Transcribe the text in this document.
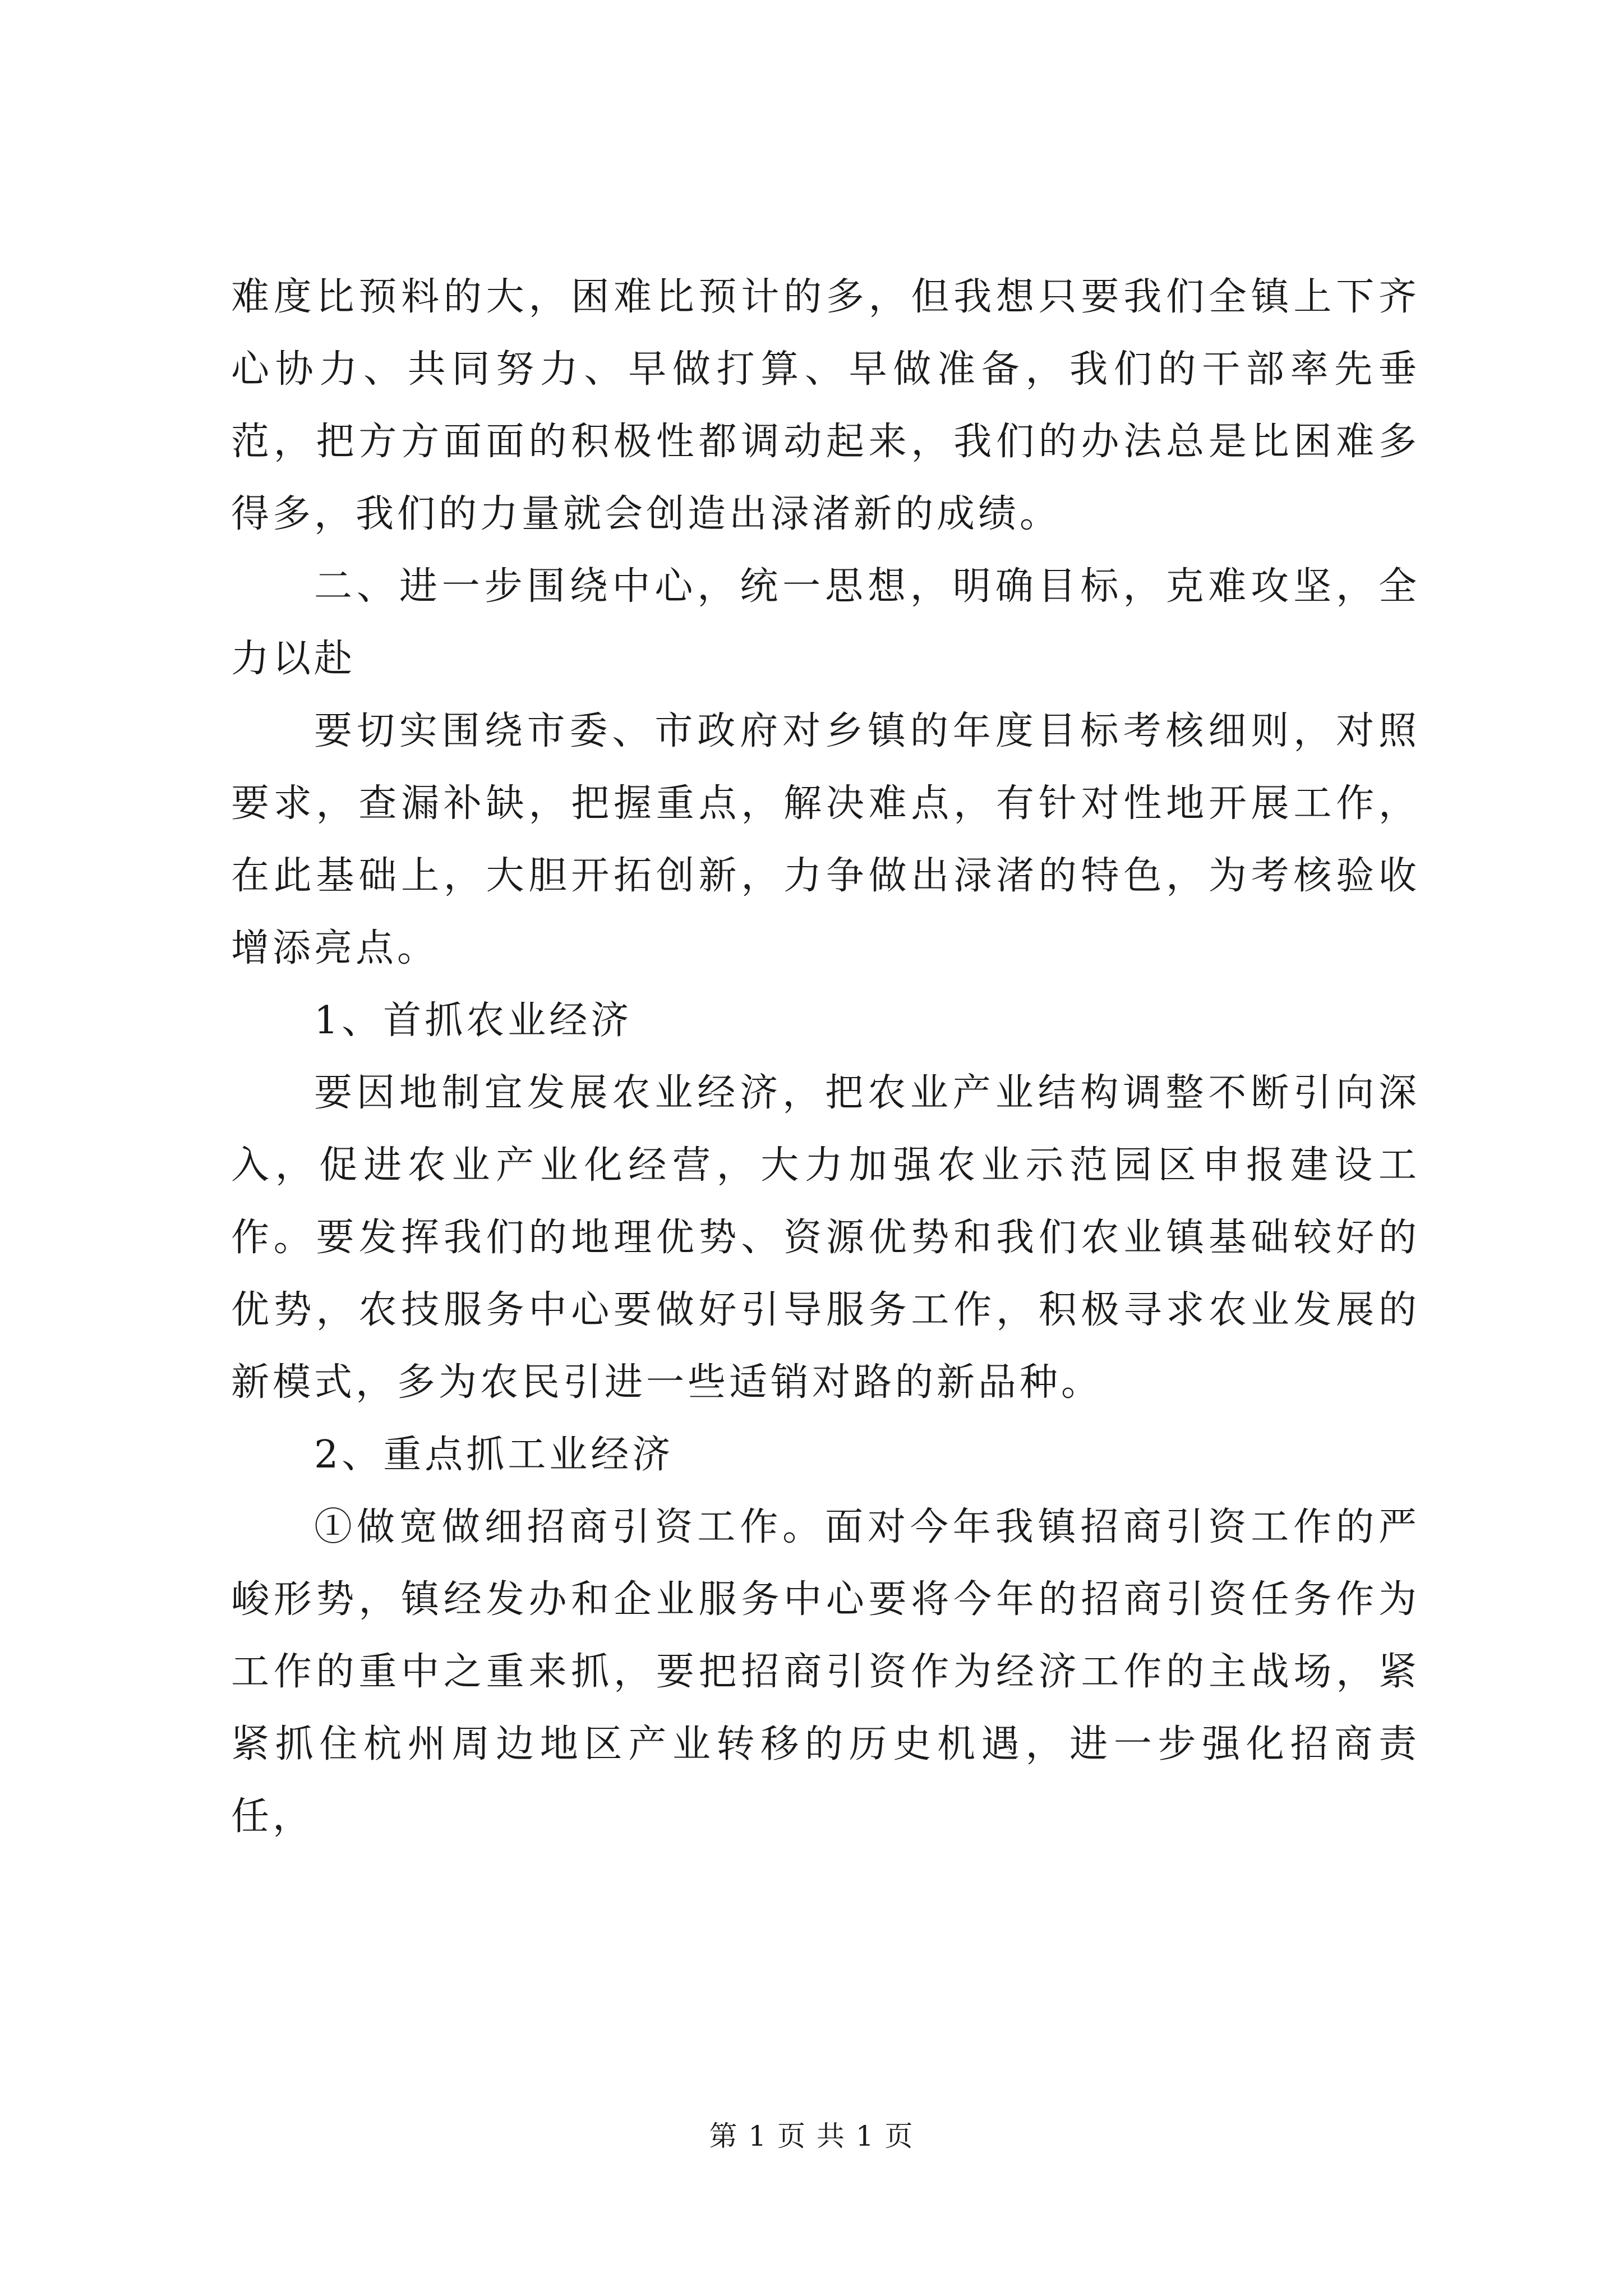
难度比预料的大，困难比预计的多，但我想只要我们全镇上下齐心协力、共同努力、早做打算、早做准备，我们的干部率先垂范，把方方面面的积极性都调动起来，我们的办法总是比困难多得多，我们的力量就会创造出渌渚新的成绩。

二、进一步围绕中心，统一思想，明确目标，克难攻坚，全力以赴

要切实围绕市委、市政府对乡镇的年度目标考核细则，对照要求，查漏补缺，把握重点，解决难点，有针对性地开展工作，在此基础上，大胆开拓创新，力争做出渌渚的特色，为考核验收增添亮点。

1、首抓农业经济

要因地制宜发展农业经济，把农业产业结构调整不断引向深入，促进农业产业化经营，大力加强农业示范园区申报建设工作。要发挥我们的地理优势、资源优势和我们农业镇基础较好的优势，农技服务中心要做好引导服务工作，积极寻求农业发展的新模式，多为农民引进一些适销对路的新品种。

2、重点抓工业经济

①做宽做细招商引资工作。面对今年我镇招商引资工作的严峻形势，镇经发办和企业服务中心要将今年的招商引资任务作为工作的重中之重来抓，要把招商引资作为经济工作的主战场，紧紧抓住杭州周边地区产业转移的历史机遇，进一步强化招商责任，

第 1 页 共 1 页
